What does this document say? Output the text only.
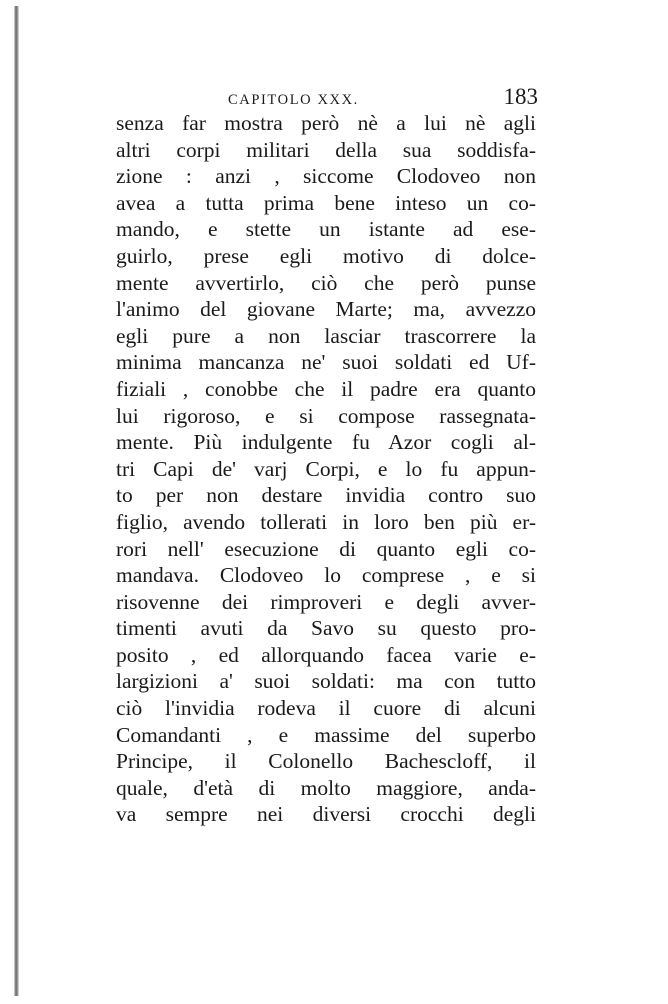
CAPITOLO XXX.	183
senza far mostra però nè a lui nè agli
altri corpi militari della sua soddisfa-
zione : anzi , siccome Clodoveo non
avea a tutta prima bene inteso un co-
mando, e stette un istante ad ese-
guirlo, prese egli motivo di dolce-
mente avvertirlo, ciò che però punse
l'animo del giovane Marte; ma, avvezzo
egli pure a non lasciar trascorrere la
minima mancanza ne' suoi soldati ed Uf-
fiziali , conobbe che il padre era quanto
lui rigoroso, e si compose rassegnata-
mente. Più indulgente fu Azor cogli al-
tri Capi de' varj Corpi, e lo fu appun-
to per non destare invidia contro suo
figlio, avendo tollerati in loro ben più er-
rori nell' esecuzione di quanto egli co-
mandava. Clodoveo lo comprese , e si
risovenne dei rimproveri e degli avver-
timenti avuti da Savo su questo pro-
posito , ed allorquando facea varie e-
largizioni a' suoi soldati: ma con tutto
ciò l'invidia rodeva il cuore di alcuni
Comandanti , e massime del superbo
Principe, il Colonello Bachescloff, il
quale, d'età di molto maggiore, anda-
va sempre nei diversi crocchi degli
